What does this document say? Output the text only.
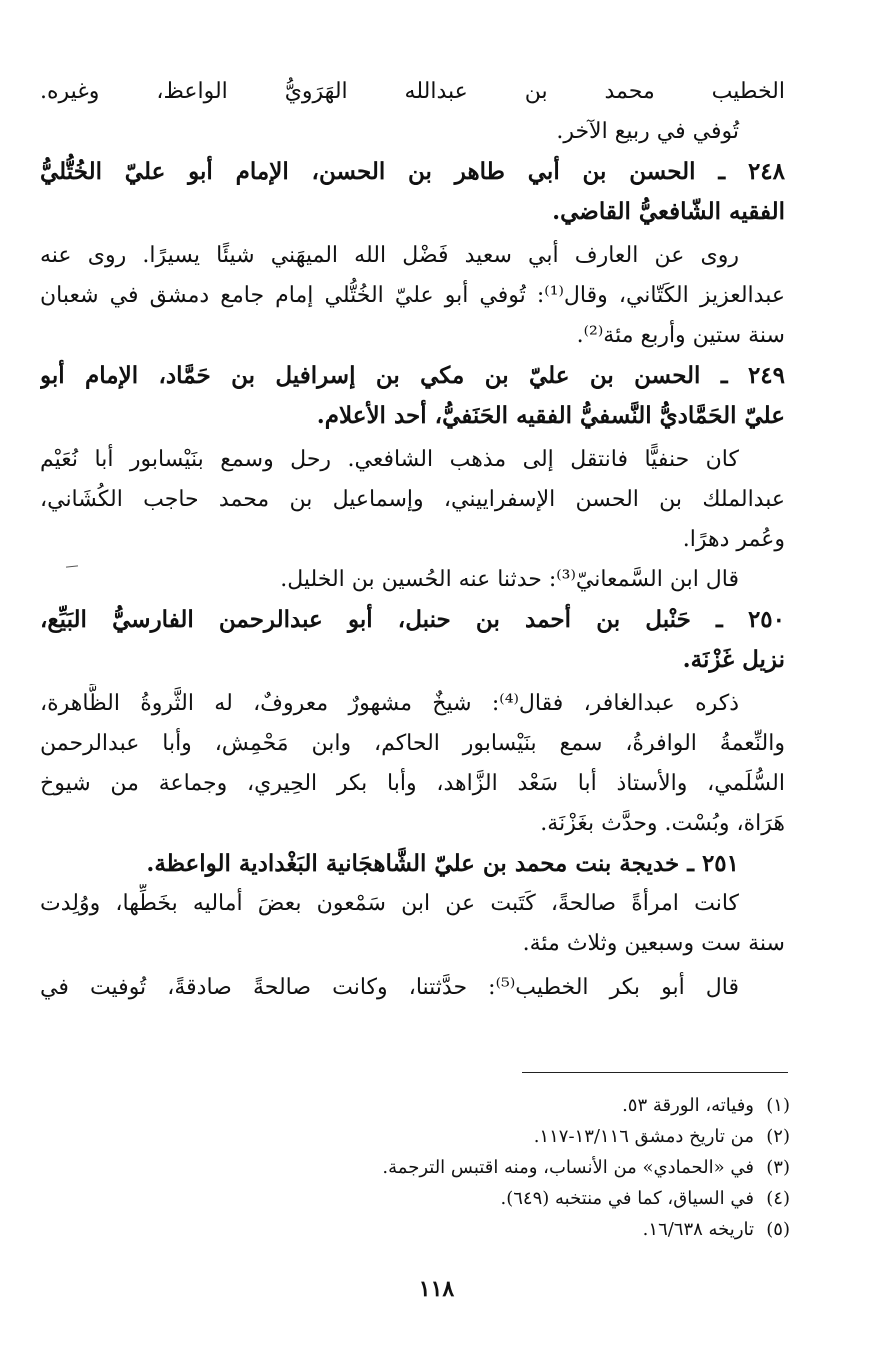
الخطيب محمد بن عبدالله الهَرَويُّ الواعظ، وغيره.
تُوفي في ربيع الآخر.
٢٤٨ ـ الحسن بن أبي طاهر بن الحسن، الإمام أبو عليّ الخُتُّليُّ
الفقيه الشّافعيُّ القاضي.
روى عن العارف أبي سعيد فَضْل الله الميهَني شيئًا يسيرًا. روى عنه
عبدالعزيز الكَتّاني، وقال⁽¹⁾: تُوفي أبو عليّ الخُتُّلي إمام جامع دمشق في شعبان
سنة ستين وأربع مئة⁽²⁾.
٢٤٩ ـ الحسن بن عليّ بن مكي بن إسرافيل بن حَمَّاد، الإمام أبو
عليّ الحَمَّاديُّ النَّسفيُّ الفقيه الحَنَفيُّ، أحد الأعلام.
كان حنفيًّا فانتقل إلى مذهب الشافعي. رحل وسمع بنَيْسابور أبا نُعَيْم
عبدالملك بن الحسن الإسفراييني، وإسماعيل بن محمد حاجب الكُشَاني،
وعُمر دهرًا.
قال ابن السَّمعانيّ⁽³⁾: حدثنا عنه الحُسين بن الخليل.
٢٥٠ ـ حَنْبل بن أحمد بن حنبل، أبو عبدالرحمن الفارسيُّ البَيِّع،
نزيل غَزْنَة.
ذكره عبدالغافر، فقال⁽⁴⁾: شيخٌ مشهورٌ معروفٌ، له الثَّروةُ الظَّاهرة،
والنِّعمةُ الوافرةُ، سمع بنَيْسابور الحاكم، وابن مَحْمِش، وأبا عبدالرحمن
السُّلَمي، والأستاذ أبا سَعْد الزَّاهد، وأبا بكر الحِيري، وجماعة من شيوخ
هَرَاة، وبُسْت. وحدَّث بغَزْنَة.
٢٥١ ـ خديجة بنت محمد بن عليّ الشَّاهجَانية البَغْدادية الواعظة.
كانت امرأةً صالحةً، كَتَبت عن ابن سَمْعون بعضَ أماليه بخَطِّها، ووُلِدت
سنة ست وسبعين وثلاث مئة.
قال أبو بكر الخطيب⁽⁵⁾: حدَّثتنا، وكانت صالحةً صادقةً، تُوفيت في
(١)وفياته، الورقة ٥٣.
(٢)من تاريخ دمشق ١٣/١١٦-١١٧.
(٣)في «الحمادي» من الأنساب، ومنه اقتبس الترجمة.
(٤)في السياق، كما في منتخبه (٦٤٩).
(٥)تاريخه ١٦/٦٣٨.
١١٨
